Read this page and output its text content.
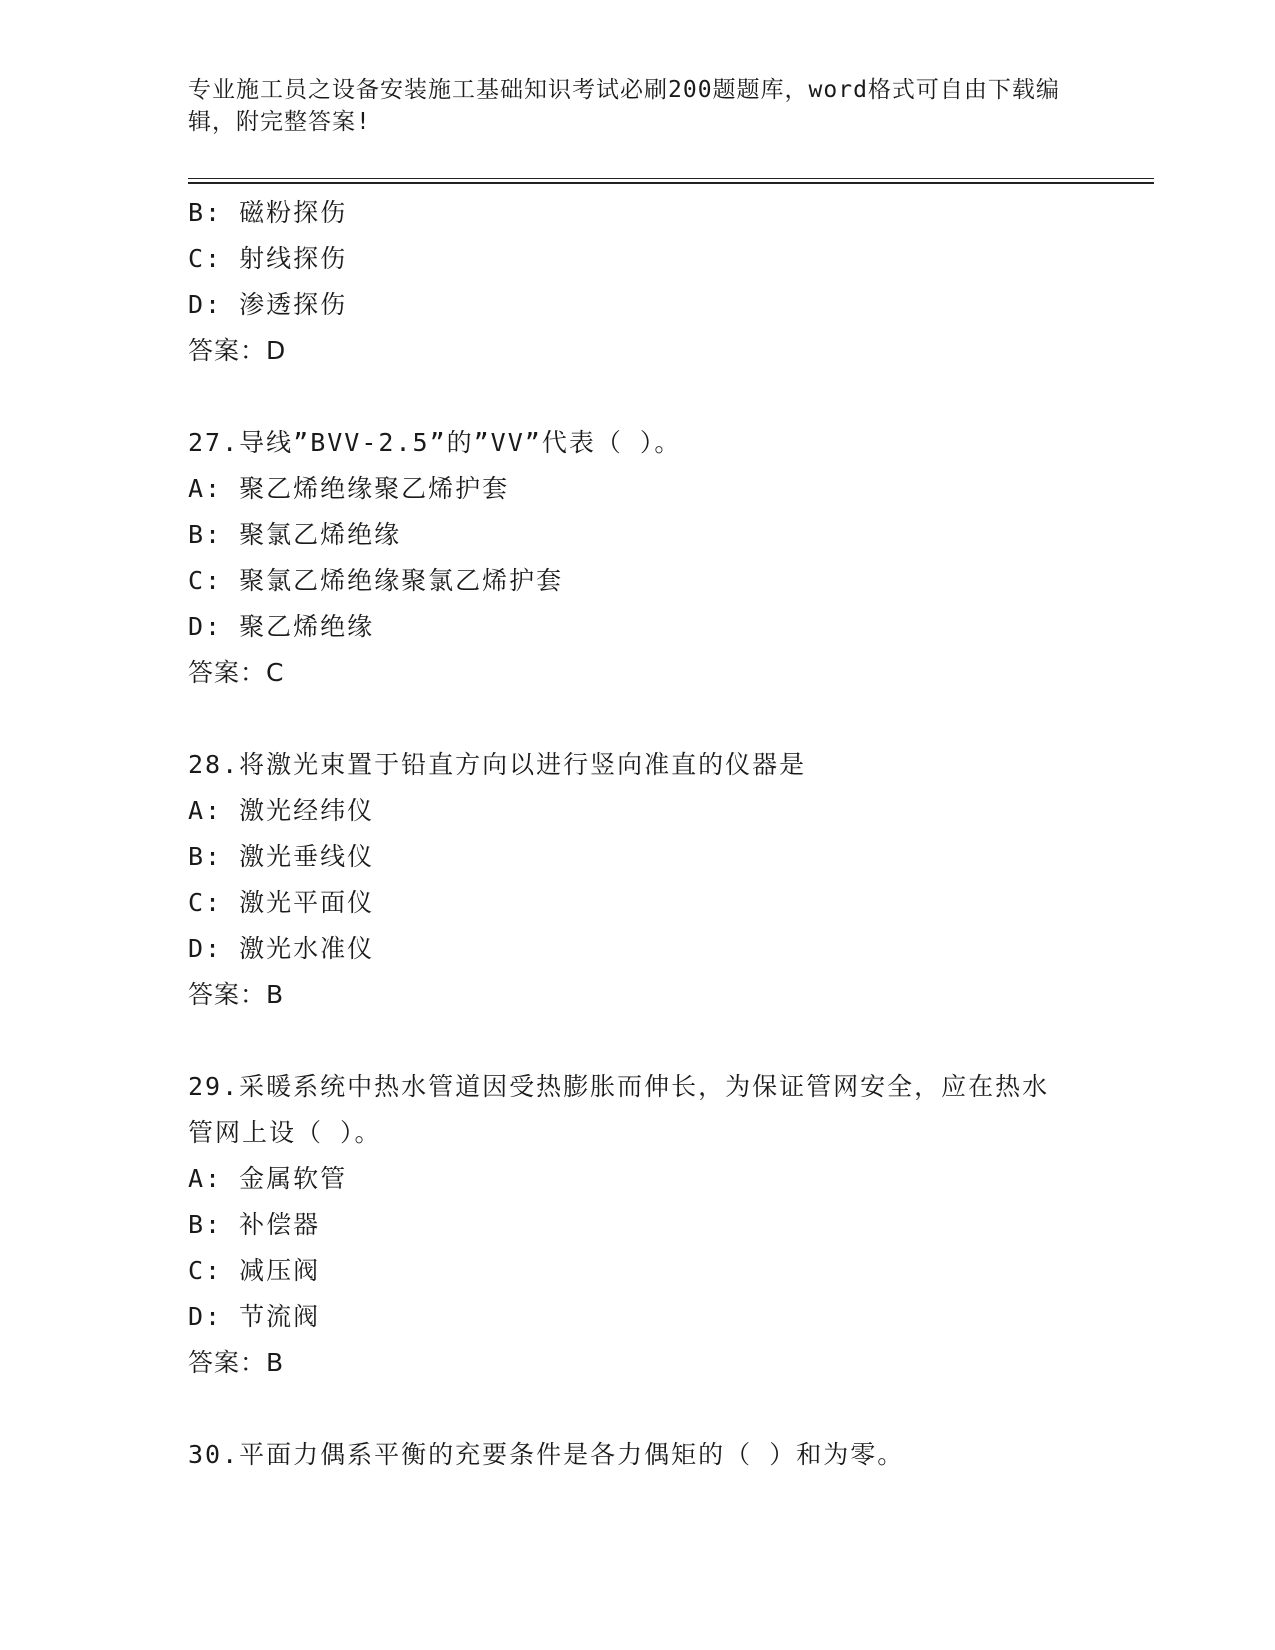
专业施工员之设备安装施工基础知识考试必刷200题题库，word格式可自由下载编辑，附完整答案!
B: 磁粉探伤
C: 射线探伤
D: 渗透探伤
答案：D
27.导线”BVV-2.5”的”VV”代表（ ）。
A: 聚乙烯绝缘聚乙烯护套
B: 聚氯乙烯绝缘
C: 聚氯乙烯绝缘聚氯乙烯护套
D: 聚乙烯绝缘
答案：C
28.将激光束置于铅直方向以进行竖向准直的仪器是
A: 激光经纬仪
B: 激光垂线仪
C: 激光平面仪
D: 激光水准仪
答案：B
29.采暖系统中热水管道因受热膨胀而伸长，为保证管网安全，应在热水管网上设（ ）。
A: 金属软管
B: 补偿器
C: 减压阀
D: 节流阀
答案：B
30.平面力偶系平衡的充要条件是各力偶矩的（ ）和为零。
